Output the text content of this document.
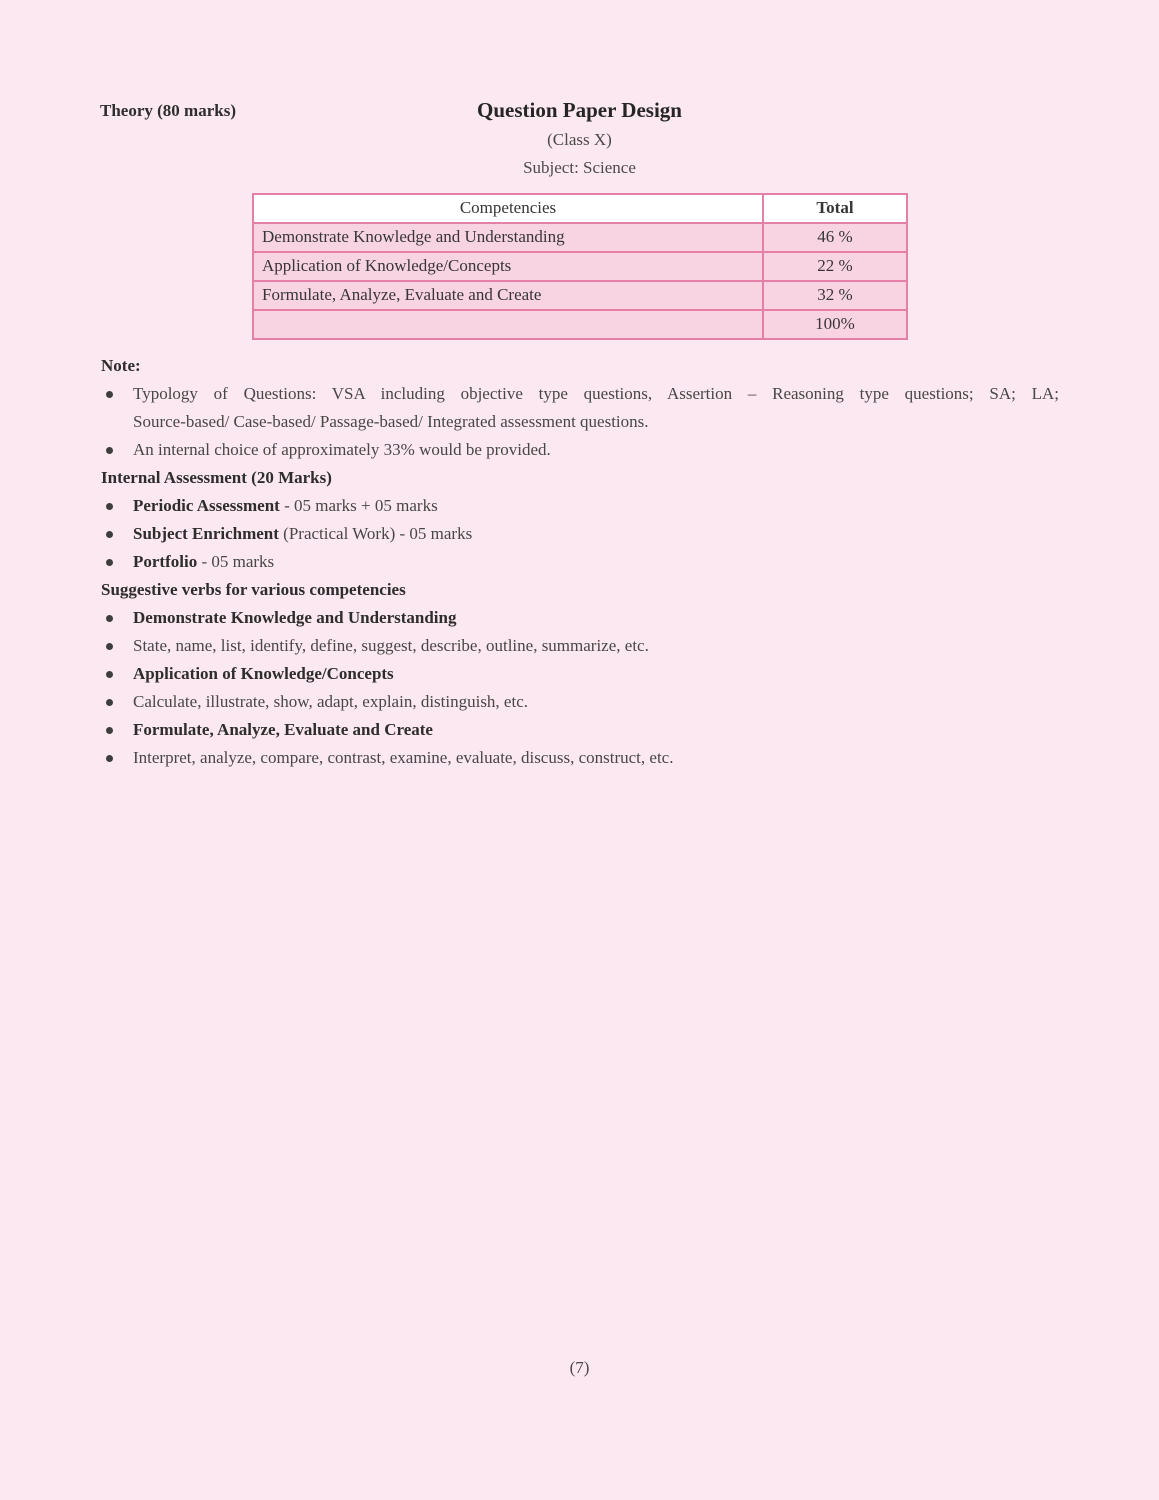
Theory (80 marks)	Question Paper Design
(Class X)
Subject: Science
Competencies	Total
Demonstrate Knowledge and Understanding	46 %
Application of Knowledge/Concepts	22 %
Formulate, Analyze, Evaluate and Create	32 %
	100%
Note:
Typology of Questions: VSA including objective type questions, Assertion – Reasoning type questions; SA; LA;
Source-based/ Case-based/ Passage-based/ Integrated assessment questions.
An internal choice of approximately 33% would be provided.
Internal Assessment (20 Marks)
Periodic Assessment - 05 marks + 05 marks
Subject Enrichment (Practical Work) - 05 marks
Portfolio - 05 marks
Suggestive verbs for various competencies
Demonstrate Knowledge and Understanding
State, name, list, identify, define, suggest, describe, outline, summarize, etc.
Application of Knowledge/Concepts
Calculate, illustrate, show, adapt, explain, distinguish, etc.
Formulate, Analyze, Evaluate and Create
Interpret, analyze, compare, contrast, examine, evaluate, discuss, construct, etc.
(7)
